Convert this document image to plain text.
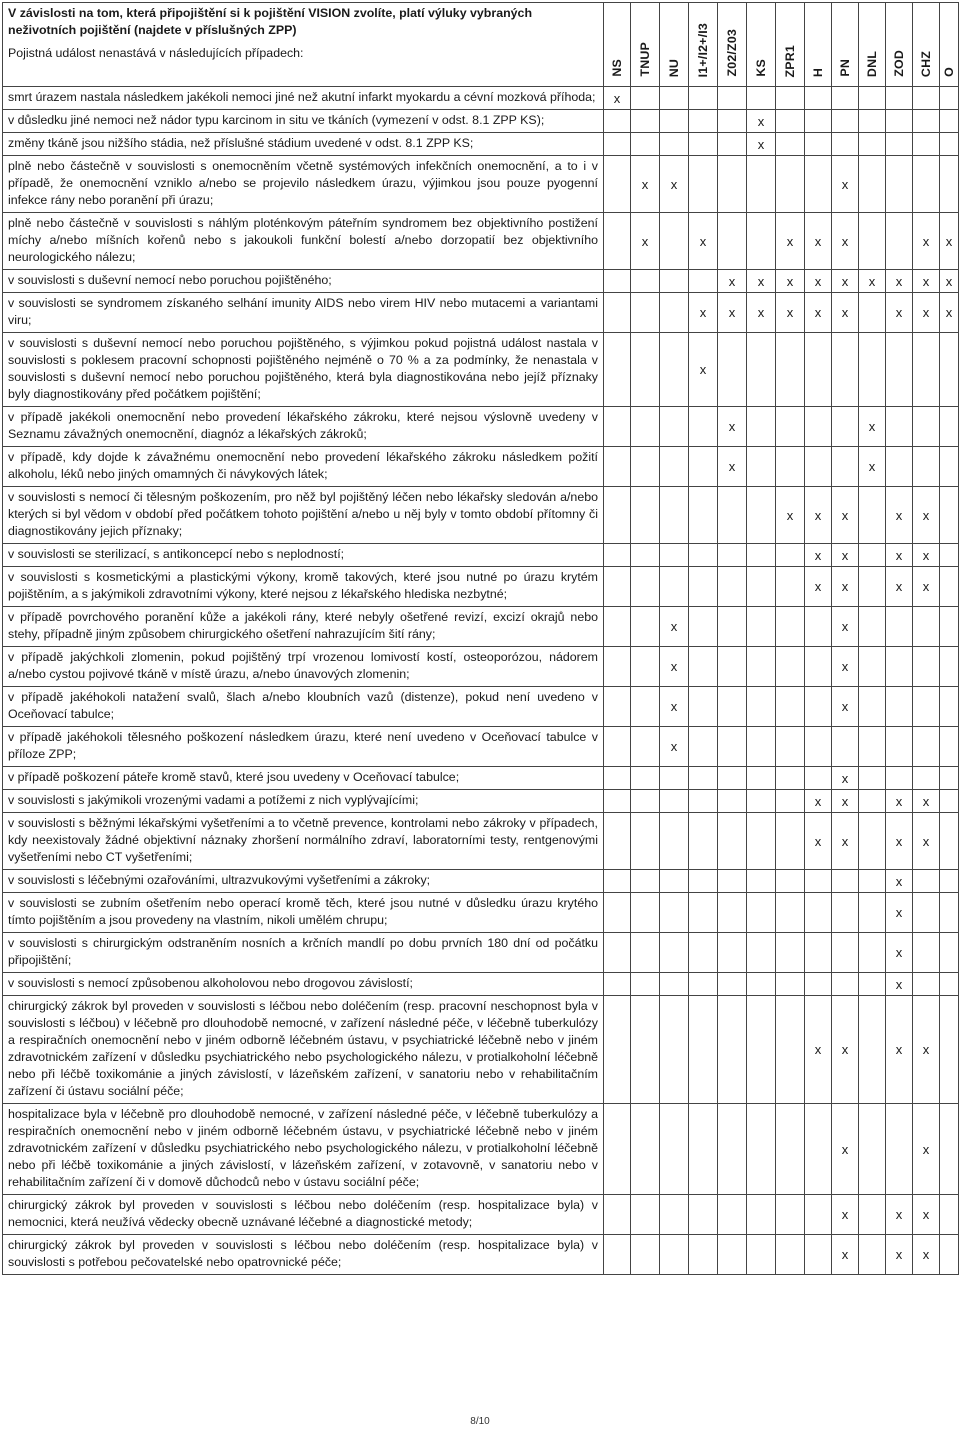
V závislosti na tom, která připojištění si k pojištění VISION zvolíte, platí výluky vybraných neživotních pojištění (najdete v příslušných ZPP)
Pojistná událost nenastává v následujících případech:	NS	TNUP	NU	I1+/I2+/I3	Z02/Z03	KS	ZPR1	H	PN	DNL	ZOD	CHZ	O
smrt úrazem nastala následkem jakékoli nemoci jiné než akutní infarkt myokardu a cévní mozková příhoda;	x												
v důsledku jiné nemoci než nádor typu karcinom in situ ve tkáních (vymezení v odst. 8.1 ZPP KS);						x							
změny tkáně jsou nižšího stádia, než příslušné stádium uvedené v odst. 8.1 ZPP KS;						x							
plně nebo částečně v souvislosti s onemocněním včetně systémových infekčních onemocnění, a to i v případě, že onemocnění vzniklo a/nebo se projevilo následkem úrazu, výjimkou jsou pouze pyogenní infekce rány nebo poranění při úrazu;		x	x						x				
plně nebo částečně v souvislosti s náhlým ploténkovým páteřním syndromem bez objektivního postižení míchy a/nebo míšních kořenů nebo s jakoukoli funkční bolestí a/nebo dorzopatií bez objektivního neurologického nálezu;		x		x			x	x	x			x	x
v souvislosti s duševní nemocí nebo poruchou pojištěného;					x	x	x	x	x	x	x	x	x
v souvislosti se syndromem získaného selhání imunity AIDS nebo virem HIV nebo mutacemi a variantami viru;				x	x	x	x	x	x		x	x	x
v souvislosti s duševní nemocí nebo poruchou pojištěného, s výjimkou pokud pojistná událost nastala v souvislosti s poklesem pracovní schopnosti pojištěného nejméně o 70 % a za podmínky, že nenastala v souvislosti s duševní nemocí nebo poruchou pojištěného, která byla diagnostikována nebo jejíž příznaky byly diagnostikovány před počátkem pojištění;				x									
v případě jakékoli onemocnění nebo provedení lékařského zákroku, které nejsou výslovně uvedeny v Seznamu závažných onemocnění, diagnóz a lékařských zákroků;					x					x			
v případě, kdy dojde k závažnému onemocnění nebo provedení lékařského zákroku následkem požití alkoholu, léků nebo jiných omamných či návykových látek;					x					x			
v souvislosti s nemocí či tělesným poškozením, pro něž byl pojištěný léčen nebo lékařsky sledován a/nebo kterých si byl vědom v období před počátkem tohoto pojištění a/nebo u něj byly v tomto období přítomny či diagnostikovány jejich příznaky;							x	x	x		x	x	
v souvislosti se sterilizací, s antikoncepcí nebo s neplodností;								x	x		x	x	
v souvislosti s kosmetickými a plastickými výkony, kromě takových, které jsou nutné po úrazu krytém pojištěním, a s jakýmikoli zdravotními výkony, které nejsou z lékařského hlediska nezbytné;								x	x		x	x	
v případě povrchového poranění kůže a jakékoli rány, které nebyly ošetřené revizí, excizí okrajů nebo stehy, případně jiným způsobem chirurgického ošetření nahrazujícím šití rány;			x						x				
v případě jakýchkoli zlomenin, pokud pojištěný trpí vrozenou lomivostí kostí, osteoporózou, nádorem a/nebo cystou pojivové tkáně v místě úrazu, a/nebo únavových zlomenin;			x						x				
v případě jakéhokoli natažení svalů, šlach a/nebo kloubních vazů (distenze), pokud není uvedeno v Oceňovací tabulce;			x						x				
v případě jakéhokoli tělesného poškození následkem úrazu, které není uvedeno v Oceňovací tabulce v příloze ZPP;			x										
v případě poškození páteře kromě stavů, které jsou uvedeny v Oceňovací tabulce;									x				
v souvislosti s jakýmikoli vrozenými vadami a potížemi z nich vyplývajícími;								x	x		x	x	
v souvislosti s běžnými lékařskými vyšetřeními a to včetně prevence, kontrolami nebo zákroky v případech, kdy neexistovaly žádné objektivní náznaky zhoršení normálního zdraví, laboratorními testy, rentgenovými vyšetřeními nebo CT vyšetřeními;								x	x		x	x	
v souvislosti s léčebnými ozařováními, ultrazvukovými vyšetřeními a zákroky;											x		
v souvislosti se zubním ošetřením nebo operací kromě těch, které jsou nutné v důsledku úrazu krytého tímto pojištěním a jsou provedeny na vlastním, nikoli umělém chrupu;											x		
v souvislosti s chirurgickým odstraněním nosních a krčních mandlí po dobu prvních 180 dní od počátku připojištění;											x		
v souvislosti s nemocí způsobenou alkoholovou nebo drogovou závislostí;											x		
chirurgický zákrok byl proveden v souvislosti s léčbou nebo doléčením (resp. pracovní neschopnost byla v souvislosti s léčbou) v léčebně pro dlouhodobě nemocné, v zařízení následné péče, v léčebně tuberkulózy a respiračních onemocnění nebo v jiném odborně léčebném ústavu, v psychiatrické léčebně nebo v jiném zdravotnickém zařízení v důsledku psychiatrického nebo psychologického nálezu, v protialkoholní léčebně nebo při léčbě toxikománie a jiných závislostí, v lázeňském zařízení, v sanatoriu nebo v rehabilitačním zařízení či ústavu sociální péče;								x	x		x	x	
hospitalizace byla v léčebně pro dlouhodobě nemocné, v zařízení následné péče, v léčebně tuberkulózy a respiračních onemocnění nebo v jiném odborně léčebném ústavu, v psychiatrické léčebně nebo v jiném zdravotnickém zařízení v důsledku psychiatrického nebo psychologického nálezu, v protialkoholní léčebně nebo při léčbě toxikománie a jiných závislostí, v lázeňském zařízení, v zotavovně, v sanatoriu nebo v rehabilitačním zařízení či v domově důchodců nebo v ústavu sociální péče;									x			x	
chirurgický zákrok byl proveden v souvislosti s léčbou nebo doléčením (resp. hospitalizace byla) v nemocnici, která neužívá vědecky obecně uznávané léčebné a diagnostické metody;									x		x	x	
chirurgický zákrok byl proveden v souvislosti s léčbou nebo doléčením (resp. hospitalizace byla) v souvislosti s potřebou pečovatelské nebo opatrovnické péče;									x		x	x	
8/10
